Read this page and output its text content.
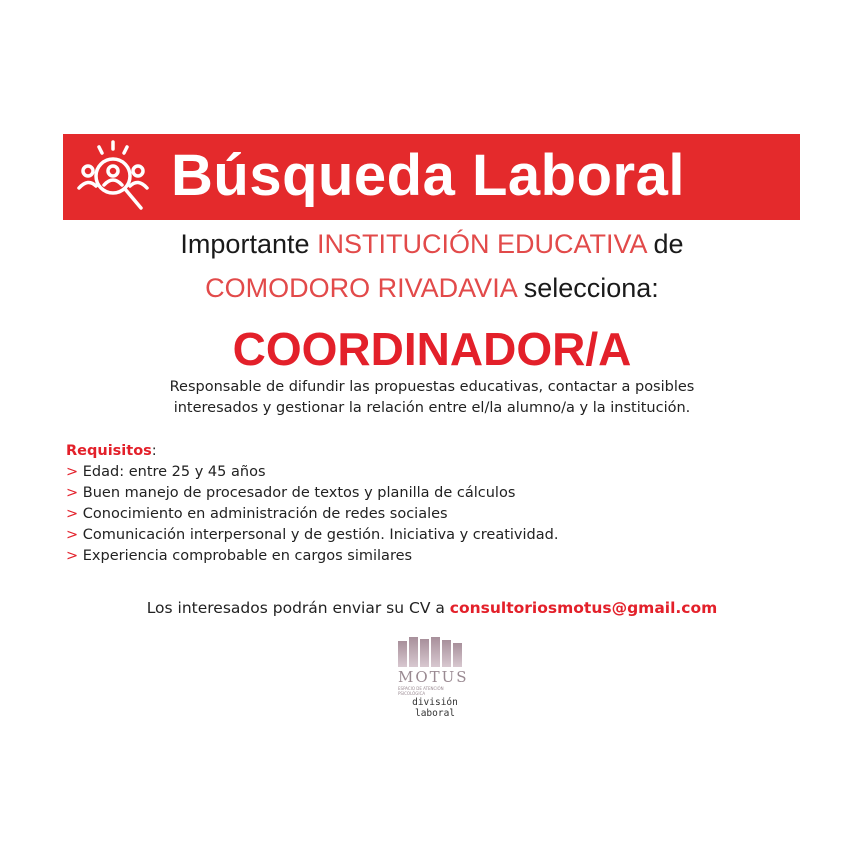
Búsqueda Laboral
Importante INSTITUCIÓN EDUCATIVA de
COMODORO RIVADAVIA selecciona:
COORDINADOR/A
Responsable de difundir las propuestas educativas, contactar a posibles
interesados y gestionar la relación entre el/la alumno/a y la institución.
Requisitos:
> Edad: entre 25 y 45 años
> Buen manejo de procesador de textos y planilla de cálculos
> Conocimiento en administración de redes sociales
> Comunicación interpersonal y de gestión. Iniciativa y creatividad.
> Experiencia comprobable en cargos similares
Los interesados podrán enviar su CV a consultoriosmotus@gmail.com
MOTUS
ESPACIO DE ATENCIÓN PSICOLÓGICA
división
laboral
